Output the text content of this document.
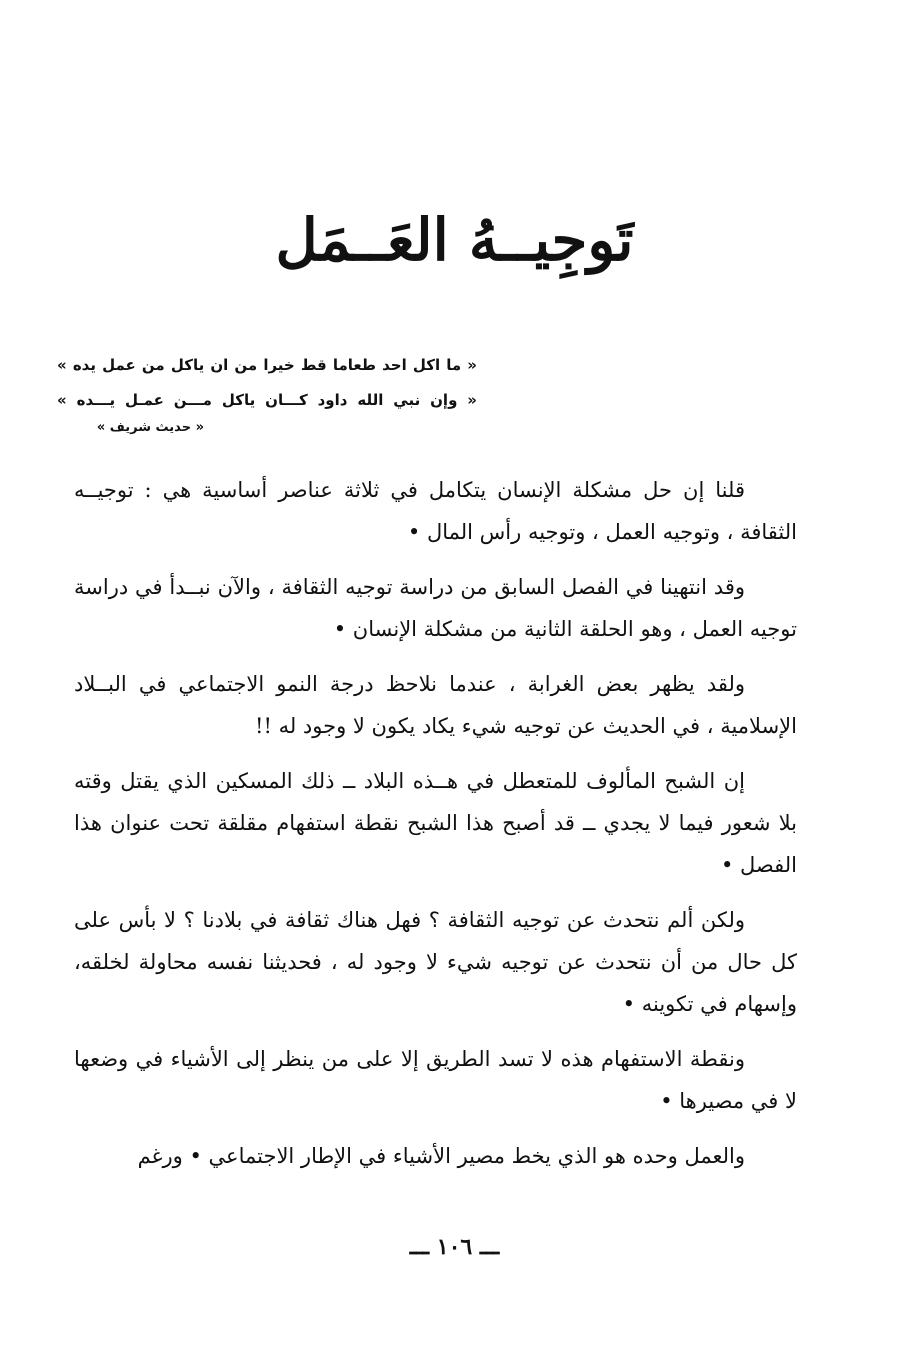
تَوجِيــهُ العَــمَل
« ما اكل احد طعاما قط خيرا من ان ياكل من عمل يده »
« وإن نبي الله داود كـــان ياكل مـــن عمـل يـــده »
« حديث شريف »

قلنا إن حل مشكلة الإنسان يتكامل في ثلاثة عناصر أساسية هي : توجيــه الثقافة ، وتوجيه العمل ، وتوجيه رأس المال •

وقد انتهينا في الفصل السابق من دراسة توجيه الثقافة ، والآن نبــدأ في دراسة توجيه العمل ، وهو الحلقة الثانية من مشكلة الإنسان •

ولقد يظهر بعض الغرابة ، عندما نلاحظ درجة النمو الاجتماعي في البــلاد الإسلامية ، في الحديث عن توجيه شيء يكاد يكون لا وجود له !!

إن الشبح المألوف للمتعطل في هــذه البلاد ــ ذلك المسكين الذي يقتل وقته بلا شعور فيما لا يجدي ــ قد أصبح هذا الشبح نقطة استفهام مقلقة تحت عنوان هذا الفصل •

ولكن ألم نتحدث عن توجيه الثقافة ؟ فهل هناك ثقافة في بلادنا ؟ لا بأس على كل حال من أن نتحدث عن توجيه شيء لا وجود له ، فحديثنا نفسه محاولة لخلقه، وإسهام في تكوينه •

ونقطة الاستفهام هذه لا تسد الطريق إلا على من ينظر إلى الأشياء في وضعها لا في مصيرها •

والعمل وحده هو الذي يخط مصير الأشياء في الإطار الاجتماعي • ورغم

ـــ ١٠٦ ـــ
